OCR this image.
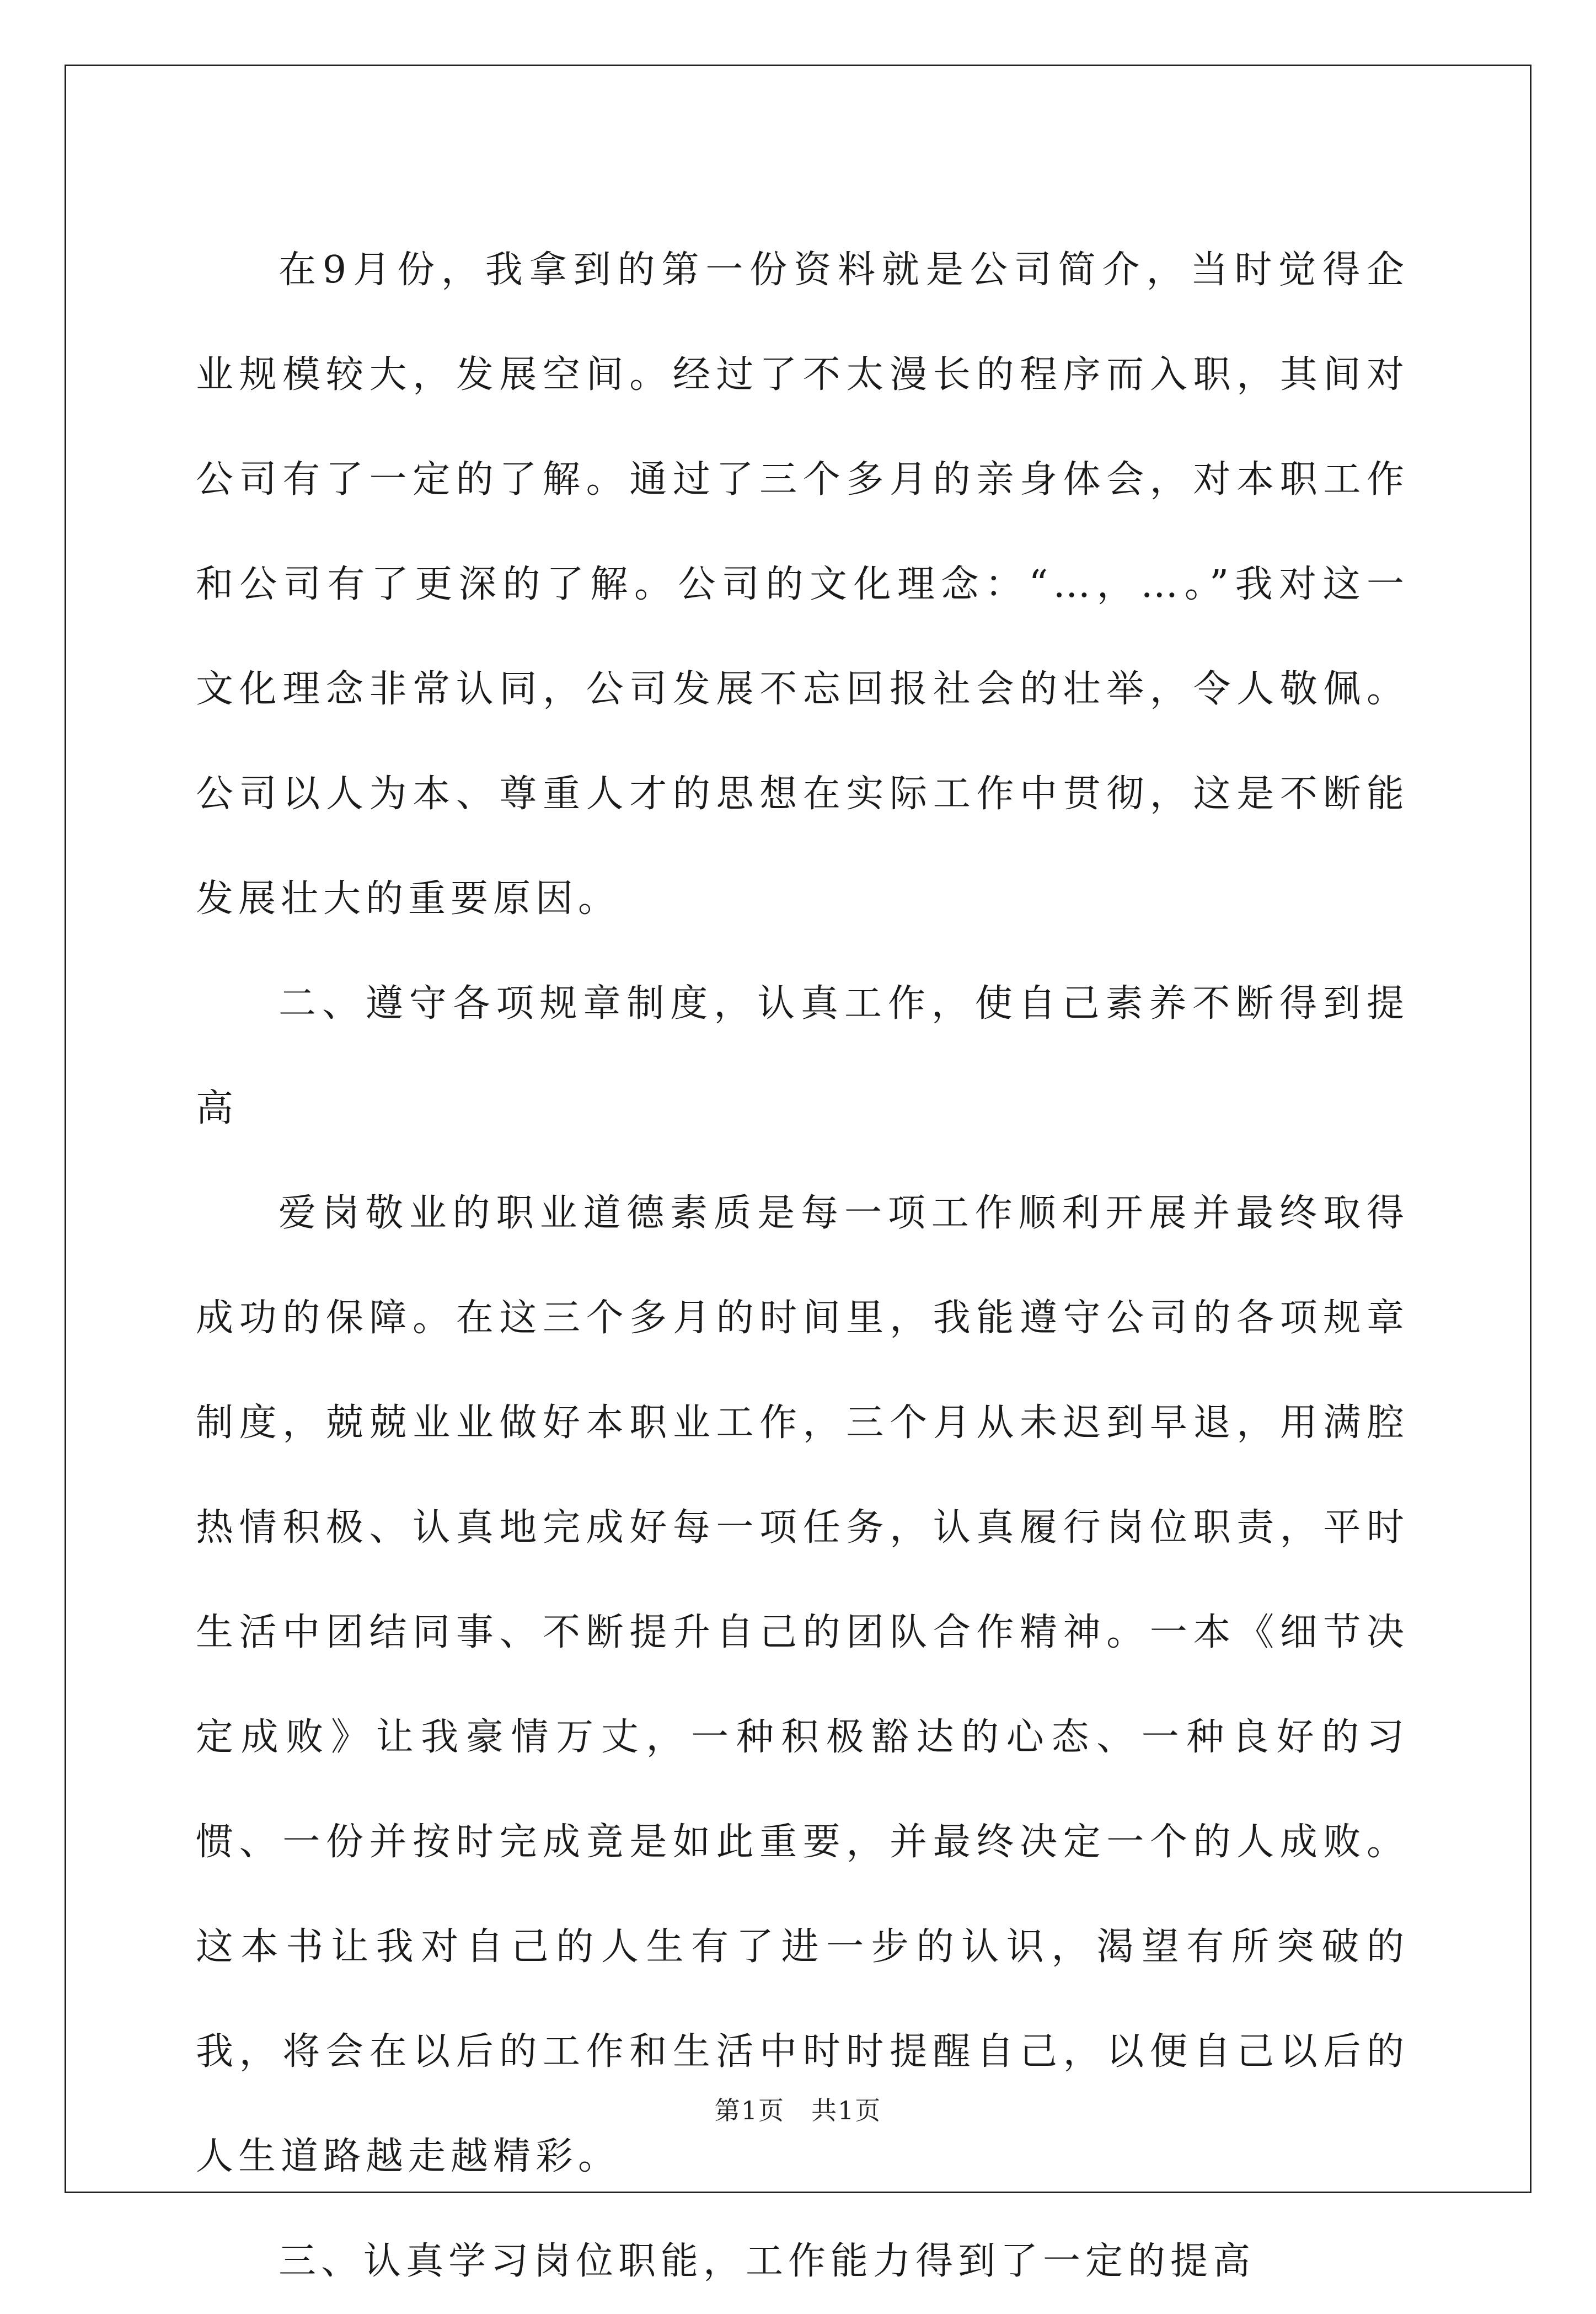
在9月份，我拿到的第一份资料就是公司简介，当时觉得企业规模较大，发展空间。经过了不太漫长的程序而入职，其间对公司有了一定的了解。通过了三个多月的亲身体会，对本职工作和公司有了更深的了解。公司的文化理念：“…，…。”我对这一文化理念非常认同，公司发展不忘回报社会的壮举，令人敬佩。公司以人为本、尊重人才的思想在实际工作中贯彻，这是不断能发展壮大的重要原因。

二、遵守各项规章制度，认真工作，使自己素养不断得到提高

爱岗敬业的职业道德素质是每一项工作顺利开展并最终取得成功的保障。在这三个多月的时间里，我能遵守公司的各项规章制度，兢兢业业做好本职业工作，三个月从未迟到早退，用满腔热情积极、认真地完成好每一项任务，认真履行岗位职责，平时生活中团结同事、不断提升自己的团队合作精神。一本《细节决定成败》让我豪情万丈，一种积极豁达的心态、一种良好的习惯、一份并按时完成竟是如此重要，并最终决定一个的人成败。这本书让我对自己的人生有了进一步的认识，渴望有所突破的我，将会在以后的工作和生活中时时提醒自己，以便自己以后的人生道路越走越精彩。

三、认真学习岗位职能，工作能力得到了一定的提高

第1页　共1页
